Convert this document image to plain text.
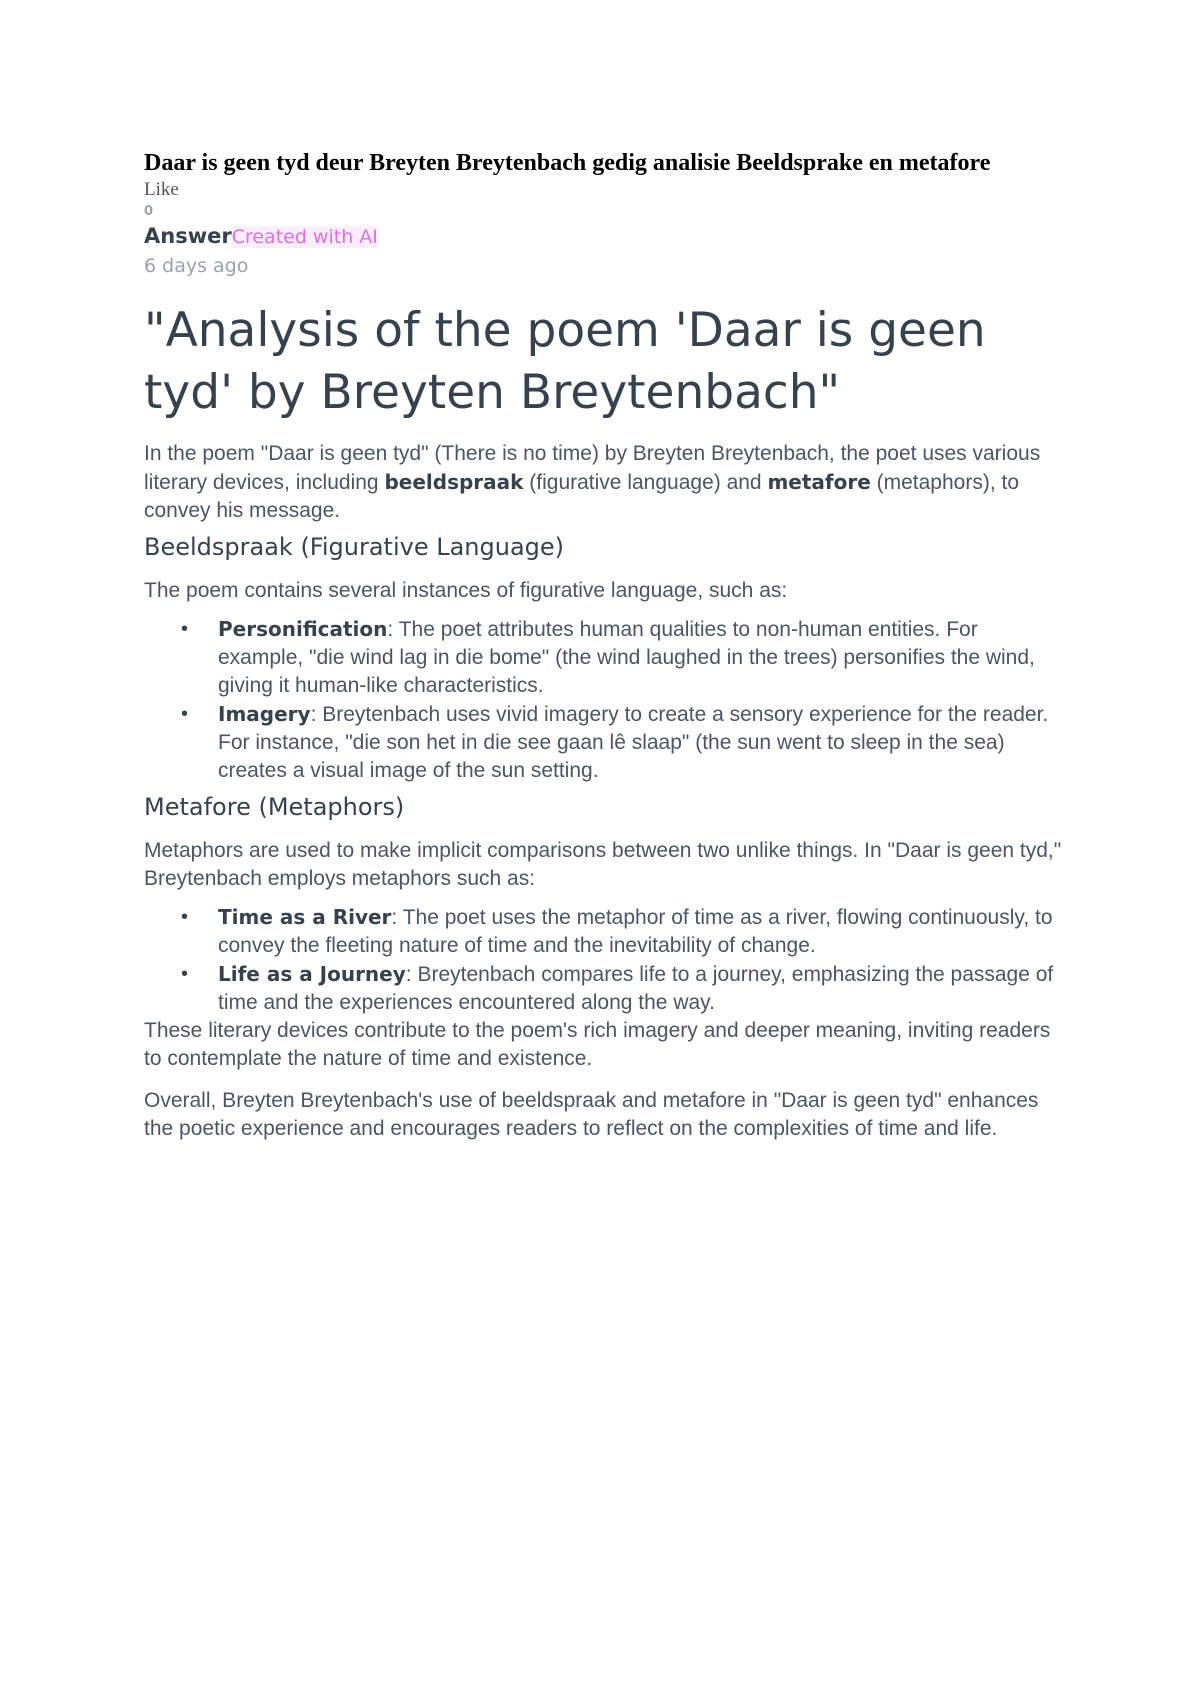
Daar is geen tyd deur Breyten Breytenbach gedig analisie Beeldsprake en metafore

Like

0

AnswerCreated with AI

6 days ago

"Analysis of the poem 'Daar is geen tyd' by Breyten Breytenbach"

In the poem "Daar is geen tyd" (There is no time) by Breyten Breytenbach, the poet uses various literary devices, including beeldspraak (figurative language) and metafore (metaphors), to convey his message.

Beeldspraak (Figurative Language)

The poem contains several instances of figurative language, such as:

• Personification: The poet attributes human qualities to non-human entities. For example, "die wind lag in die bome" (the wind laughed in the trees) personifies the wind, giving it human-like characteristics.
• Imagery: Breytenbach uses vivid imagery to create a sensory experience for the reader. For instance, "die son het in die see gaan lê slaap" (the sun went to sleep in the sea) creates a visual image of the sun setting.
Metafore (Metaphors)

Metaphors are used to make implicit comparisons between two unlike things. In "Daar is geen tyd," Breytenbach employs metaphors such as:

• Time as a River: The poet uses the metaphor of time as a river, flowing continuously, to convey the fleeting nature of time and the inevitability of change.
• Life as a Journey: Breytenbach compares life to a journey, emphasizing the passage of time and the experiences encountered along the way.

These literary devices contribute to the poem's rich imagery and deeper meaning, inviting readers to contemplate the nature of time and existence.

Overall, Breyten Breytenbach's use of beeldspraak and metafore in "Daar is geen tyd" enhances the poetic experience and encourages readers to reflect on the complexities of time and life.
